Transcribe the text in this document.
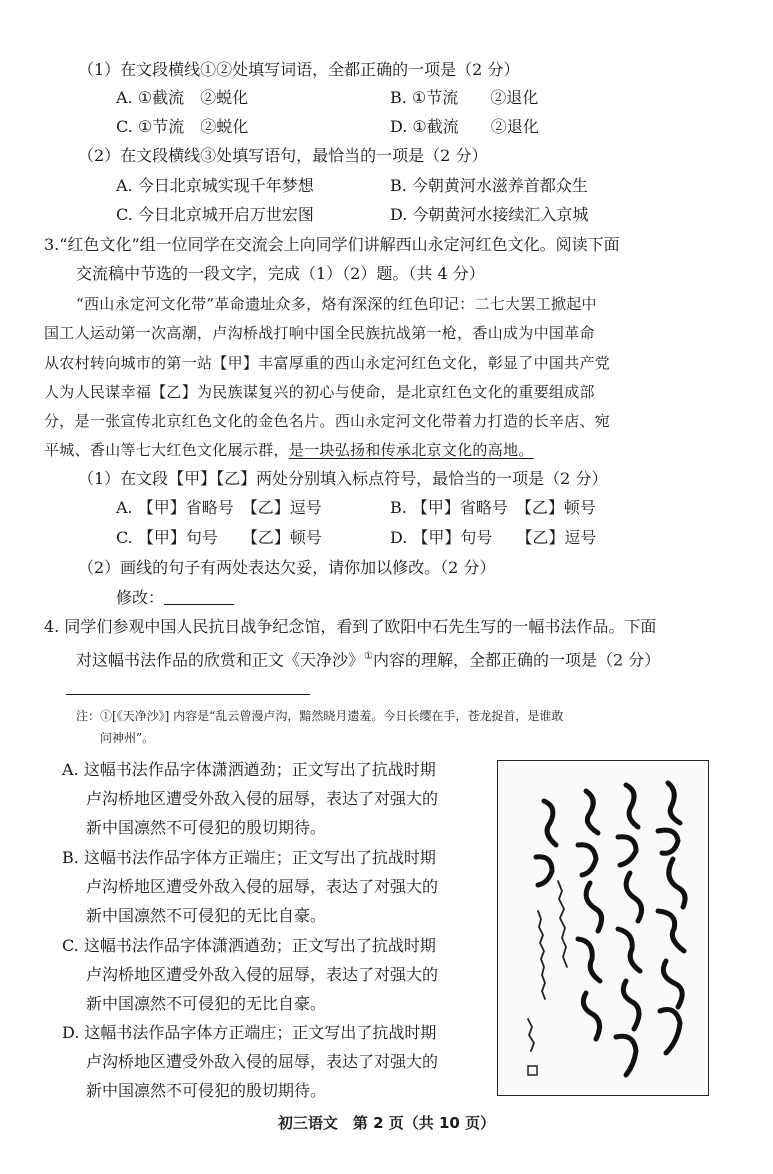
（1）在文段横线①②处填写词语，全都正确的一项是（2 分）
A. ①截流　②蜕化	B. ①节流　　②退化
C. ①节流　②蜕化	D. ①截流　　②退化
（2）在文段横线③处填写语句，最恰当的一项是（2 分）
A. 今日北京城实现千年梦想	B. 今朝黄河水滋养首都众生
C. 今日北京城开启万世宏图	D. 今朝黄河水接续汇入京城
3.“红色文化”组一位同学在交流会上向同学们讲解西山永定河红色文化。阅读下面
交流稿中节选的一段文字，完成（1）（2）题。（共 4 分）
“西山永定河文化带”革命遗址众多，烙有深深的红色印记：二七大罢工掀起中
国工人运动第一次高潮，卢沟桥战打响中国全民族抗战第一枪，香山成为中国革命
从农村转向城市的第一站【甲】丰富厚重的西山永定河红色文化，彰显了中国共产党
人为人民谋幸福【乙】为民族谋复兴的初心与使命，是北京红色文化的重要组成部
分，是一张宣传北京红色文化的金色名片。西山永定河文化带着力打造的长辛店、宛
平城、香山等七大红色文化展示群，是一块弘扬和传承北京文化的高地。
（1）在文段【甲】【乙】两处分别填入标点符号，最恰当的一项是（2 分）
A. 【甲】省略号　【乙】逗号	B. 【甲】省略号　【乙】顿号
C. 【甲】句号　　【乙】顿号	D. 【甲】句号　　【乙】逗号
（2）画线的句子有两处表达欠妥，请你加以修改。（2 分）
修改：
4. 同学们参观中国人民抗日战争纪念馆，看到了欧阳中石先生写的一幅书法作品。下面
对这幅书法作品的欣赏和正文《天净沙》①内容的理解，全都正确的一项是（2 分）
注：①[《天净沙》] 内容是“乱云曾漫卢沟，黯然晓月遗羞。今日长缨在手，苍龙捉首，是谁敢
问神州”。
A. 这幅书法作品字体潇洒遒劲；正文写出了抗战时期
卢沟桥地区遭受外敌入侵的屈辱，表达了对强大的
新中国凛然不可侵犯的殷切期待。
B. 这幅书法作品字体方正端庄；正文写出了抗战时期
卢沟桥地区遭受外敌入侵的屈辱，表达了对强大的
新中国凛然不可侵犯的无比自豪。
C. 这幅书法作品字体潇洒遒劲；正文写出了抗战时期
卢沟桥地区遭受外敌入侵的屈辱，表达了对强大的
新中国凛然不可侵犯的无比自豪。
D. 这幅书法作品字体方正端庄；正文写出了抗战时期
卢沟桥地区遭受外敌入侵的屈辱，表达了对强大的
新中国凛然不可侵犯的殷切期待。
初三语文　第 2 页（共 10 页）
